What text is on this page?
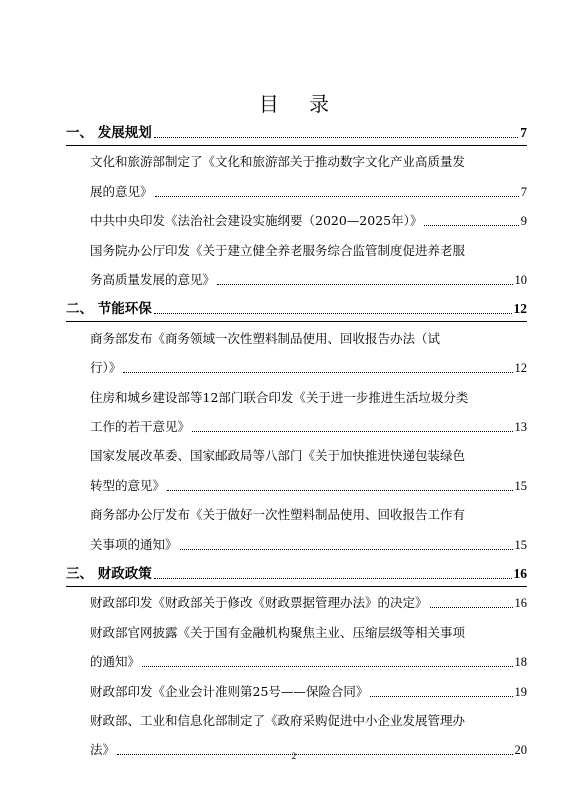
目 录
一、 发展规划	7
文化和旅游部制定了《文化和旅游部关于推动数字文化产业高质量发
展的意见》	7
中共中央印发《法治社会建设实施纲要（2020—2025年）》	9
国务院办公厅印发《关于建立健全养老服务综合监管制度促进养老服
务高质量发展的意见》	10
二、 节能环保	12
商务部发布《商务领域一次性塑料制品使用、回收报告办法（试
行）》	12
住房和城乡建设部等12部门联合印发《关于进一步推进生活垃圾分类
工作的若干意见》	13
国家发展改革委、国家邮政局等八部门《关于加快推进快递包装绿色
转型的意见》	15
商务部办公厅发布《关于做好一次性塑料制品使用、回收报告工作有
关事项的通知》	15
三、 财政政策	16
财政部印发《财政部关于修改《财政票据管理办法》的决定》	16
财政部官网披露《关于国有金融机构聚焦主业、压缩层级等相关事项
的通知》	18
财政部印发《企业会计准则第25号——保险合同》	19
财政部、工业和信息化部制定了《政府采购促进中小企业发展管理办
法》	20
2
